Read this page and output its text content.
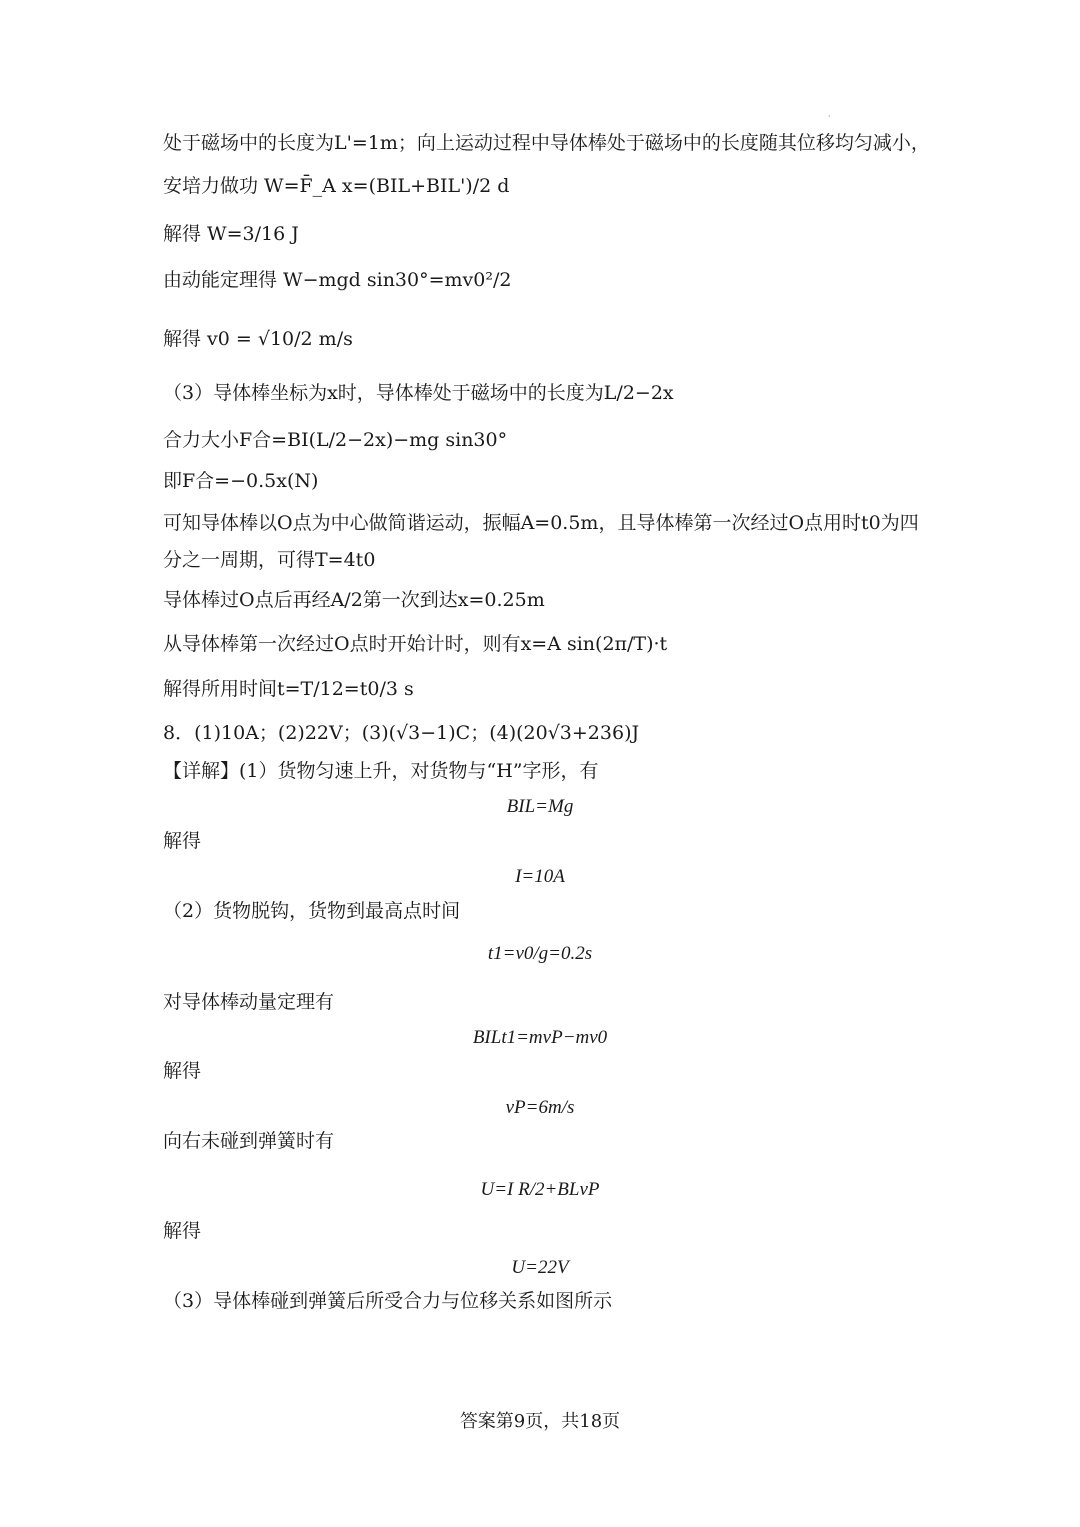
·
处于磁场中的长度为L'=1m；向上运动过程中导体棒处于磁场中的长度随其位移均匀减小，
安培力做功 W=F̄_A x=(BIL+BIL')/2 d
解得 W=3/16 J
由动能定理得 W−mgd sin30°=mv0²/2
解得 v0 = √10/2 m/s
（3）导体棒坐标为x时，导体棒处于磁场中的长度为L/2−2x
合力大小F合=BI(L/2−2x)−mg sin30°
即F合=−0.5x(N)
可知导体棒以O点为中心做简谐运动，振幅A=0.5m，且导体棒第一次经过O点用时t0为四
分之一周期，可得T=4t0
导体棒过O点后再经A/2第一次到达x=0.25m
从导体棒第一次经过O点时开始计时，则有x=A sin(2π/T)·t
解得所用时间t=T/12=t0/3 s
8．(1)10A；(2)22V；(3)(√3−1)C；(4)(20√3+236)J
【详解】(1）货物匀速上升，对货物与“H”字形，有
BIL=Mg
解得
I=10A
（2）货物脱钩，货物到最高点时间
t1=v0/g=0.2s
对导体棒动量定理有
BILt1=mvP−mv0
解得
vP=6m/s
向右未碰到弹簧时有
U=I R/2+BLvP
解得
U=22V
（3）导体棒碰到弹簧后所受合力与位移关系如图所示
答案第9页，共18页
